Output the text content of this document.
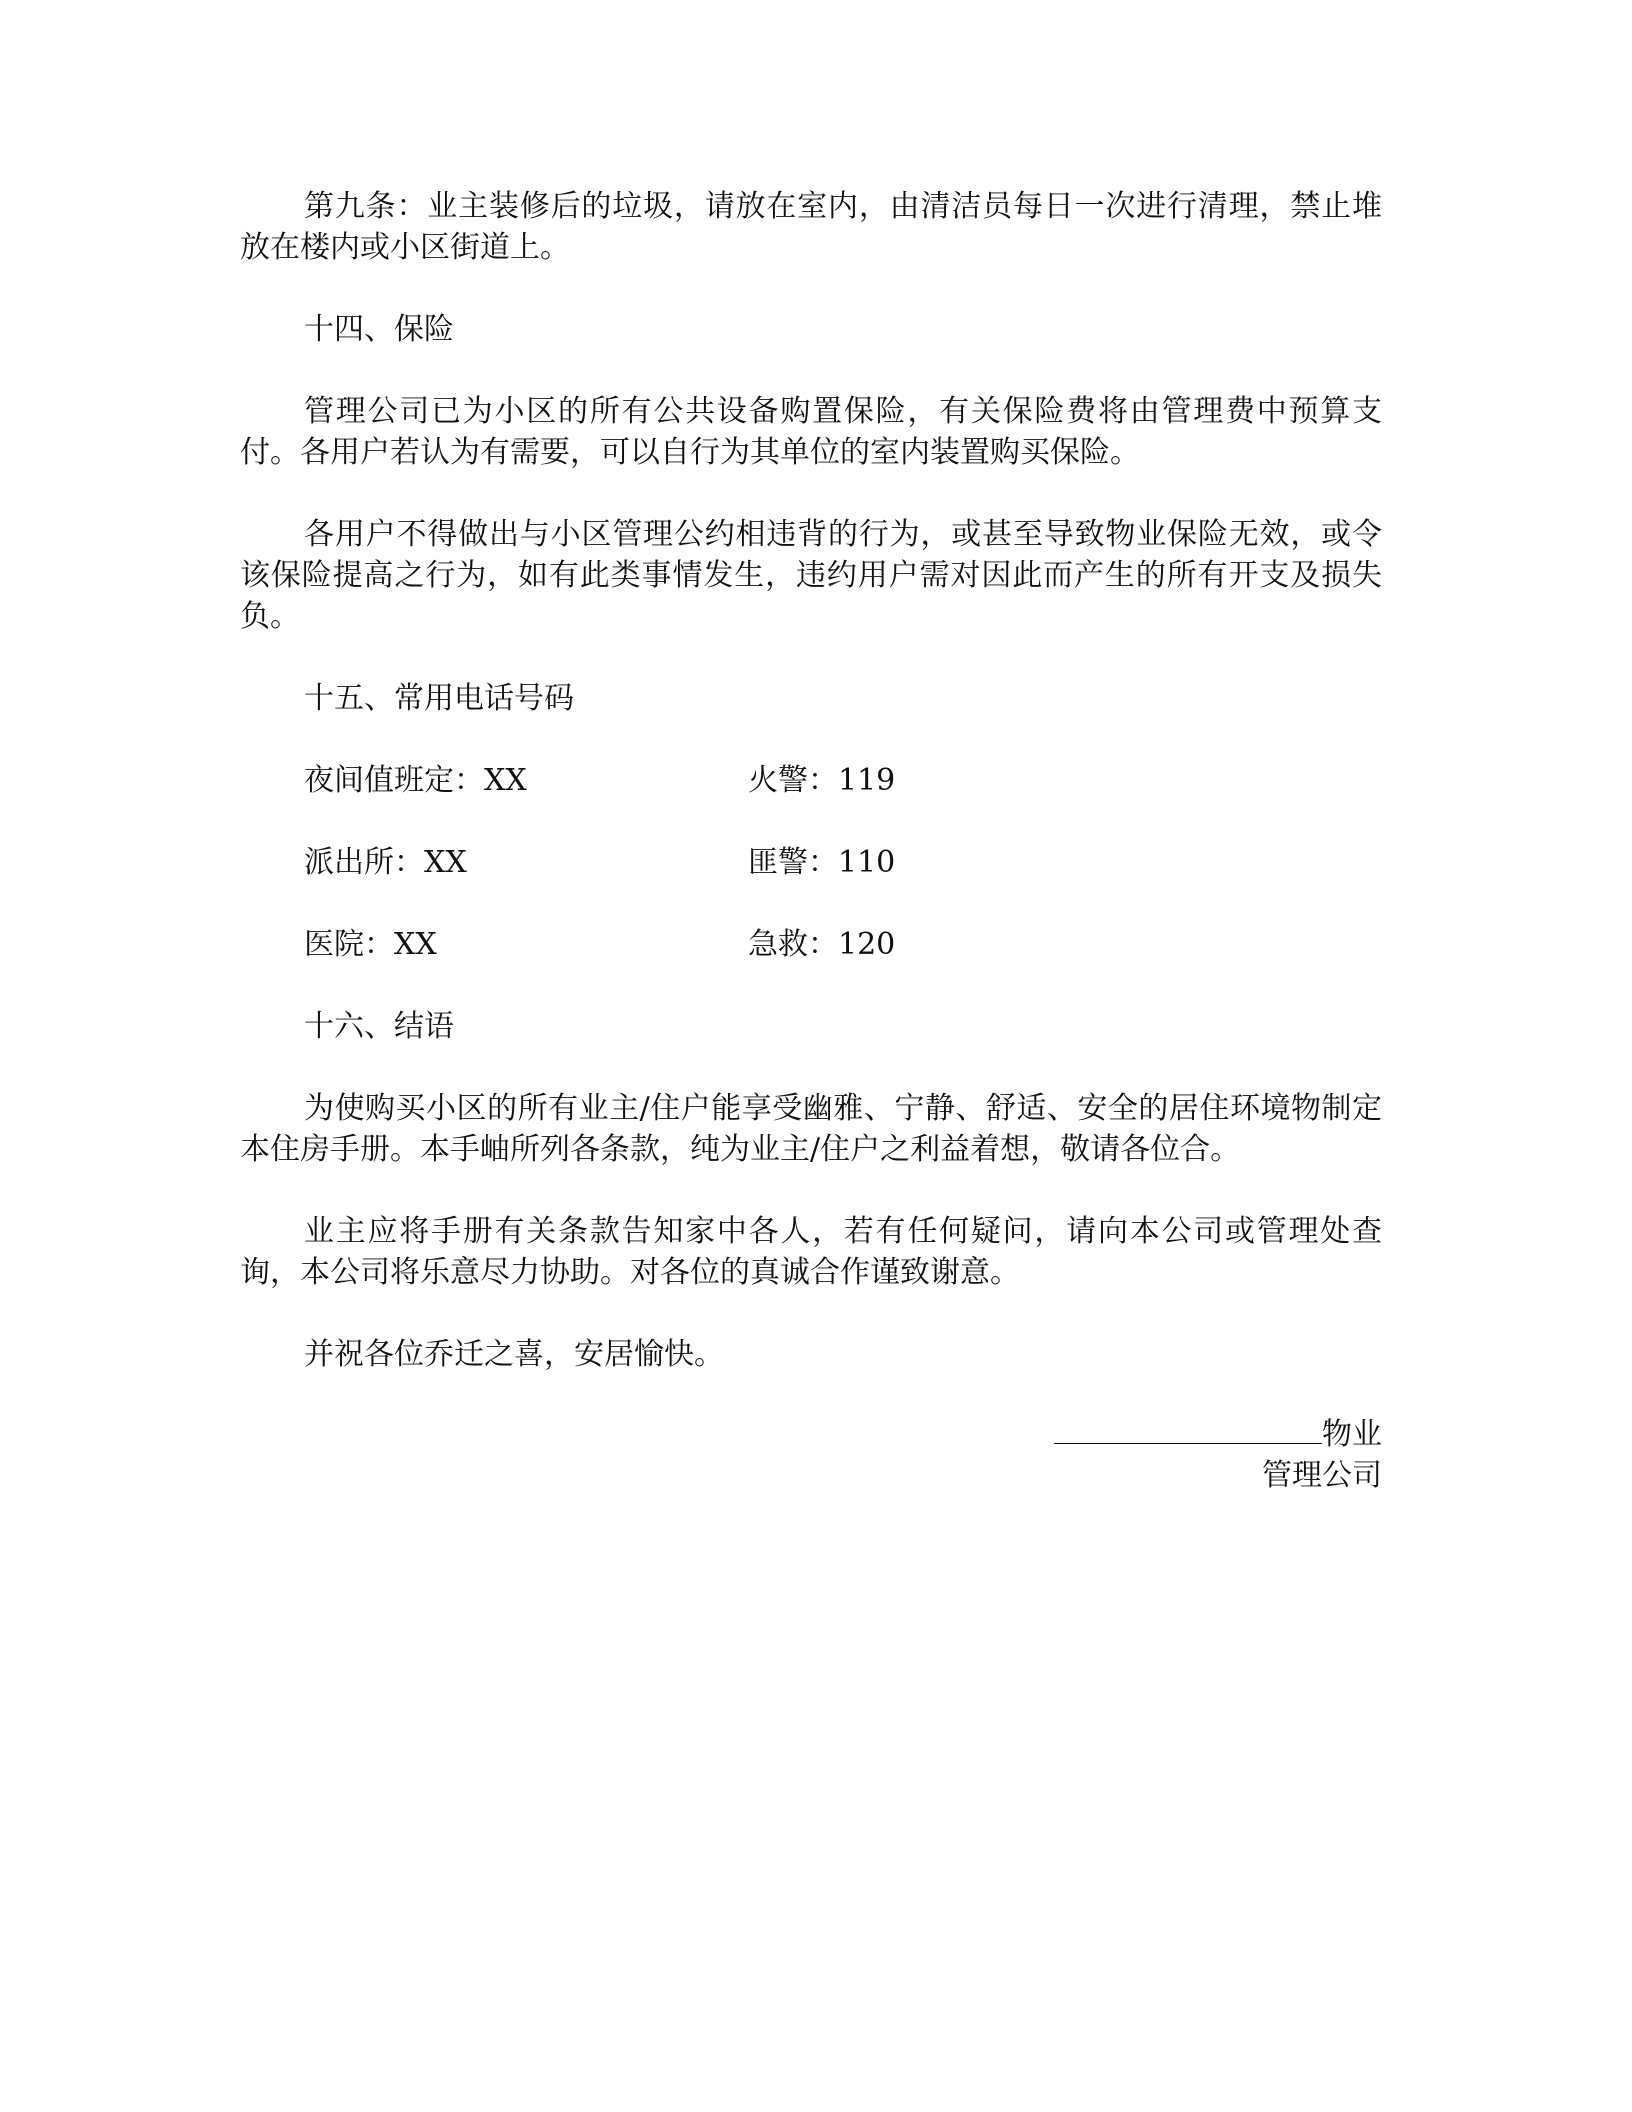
第九条：业主装修后的垃圾，请放在室内，由清洁员每日一次进行清理，禁止堆放在楼内或小区街道上。

十四、保险

管理公司已为小区的所有公共设备购置保险，有关保险费将由管理费中预算支付。各用户若认为有需要，可以自行为其单位的室内装置购买保险。

各用户不得做出与小区管理公约相违背的行为，或甚至导致物业保险无效，或令该保险提高之行为，如有此类事情发生，违约用户需对因此而产生的所有开支及损失负。

十五、常用电话号码

夜间值班定：XX	火警：119
派出所：XX	匪警：110
医院：XX	急救：120

十六、结语

为使购买小区的所有业主/住户能享受幽雅、宁静、舒适、安全的居住环境物制定本住房手册。本手岫所列各条款，纯为业主/住户之利益着想，敬请各位合。

业主应将手册有关条款告知家中各人，若有任何疑问，请向本公司或管理处查询，本公司将乐意尽力协助。对各位的真诚合作谨致谢意。

并祝各位乔迁之喜，安居愉快。

物业
管理公司
